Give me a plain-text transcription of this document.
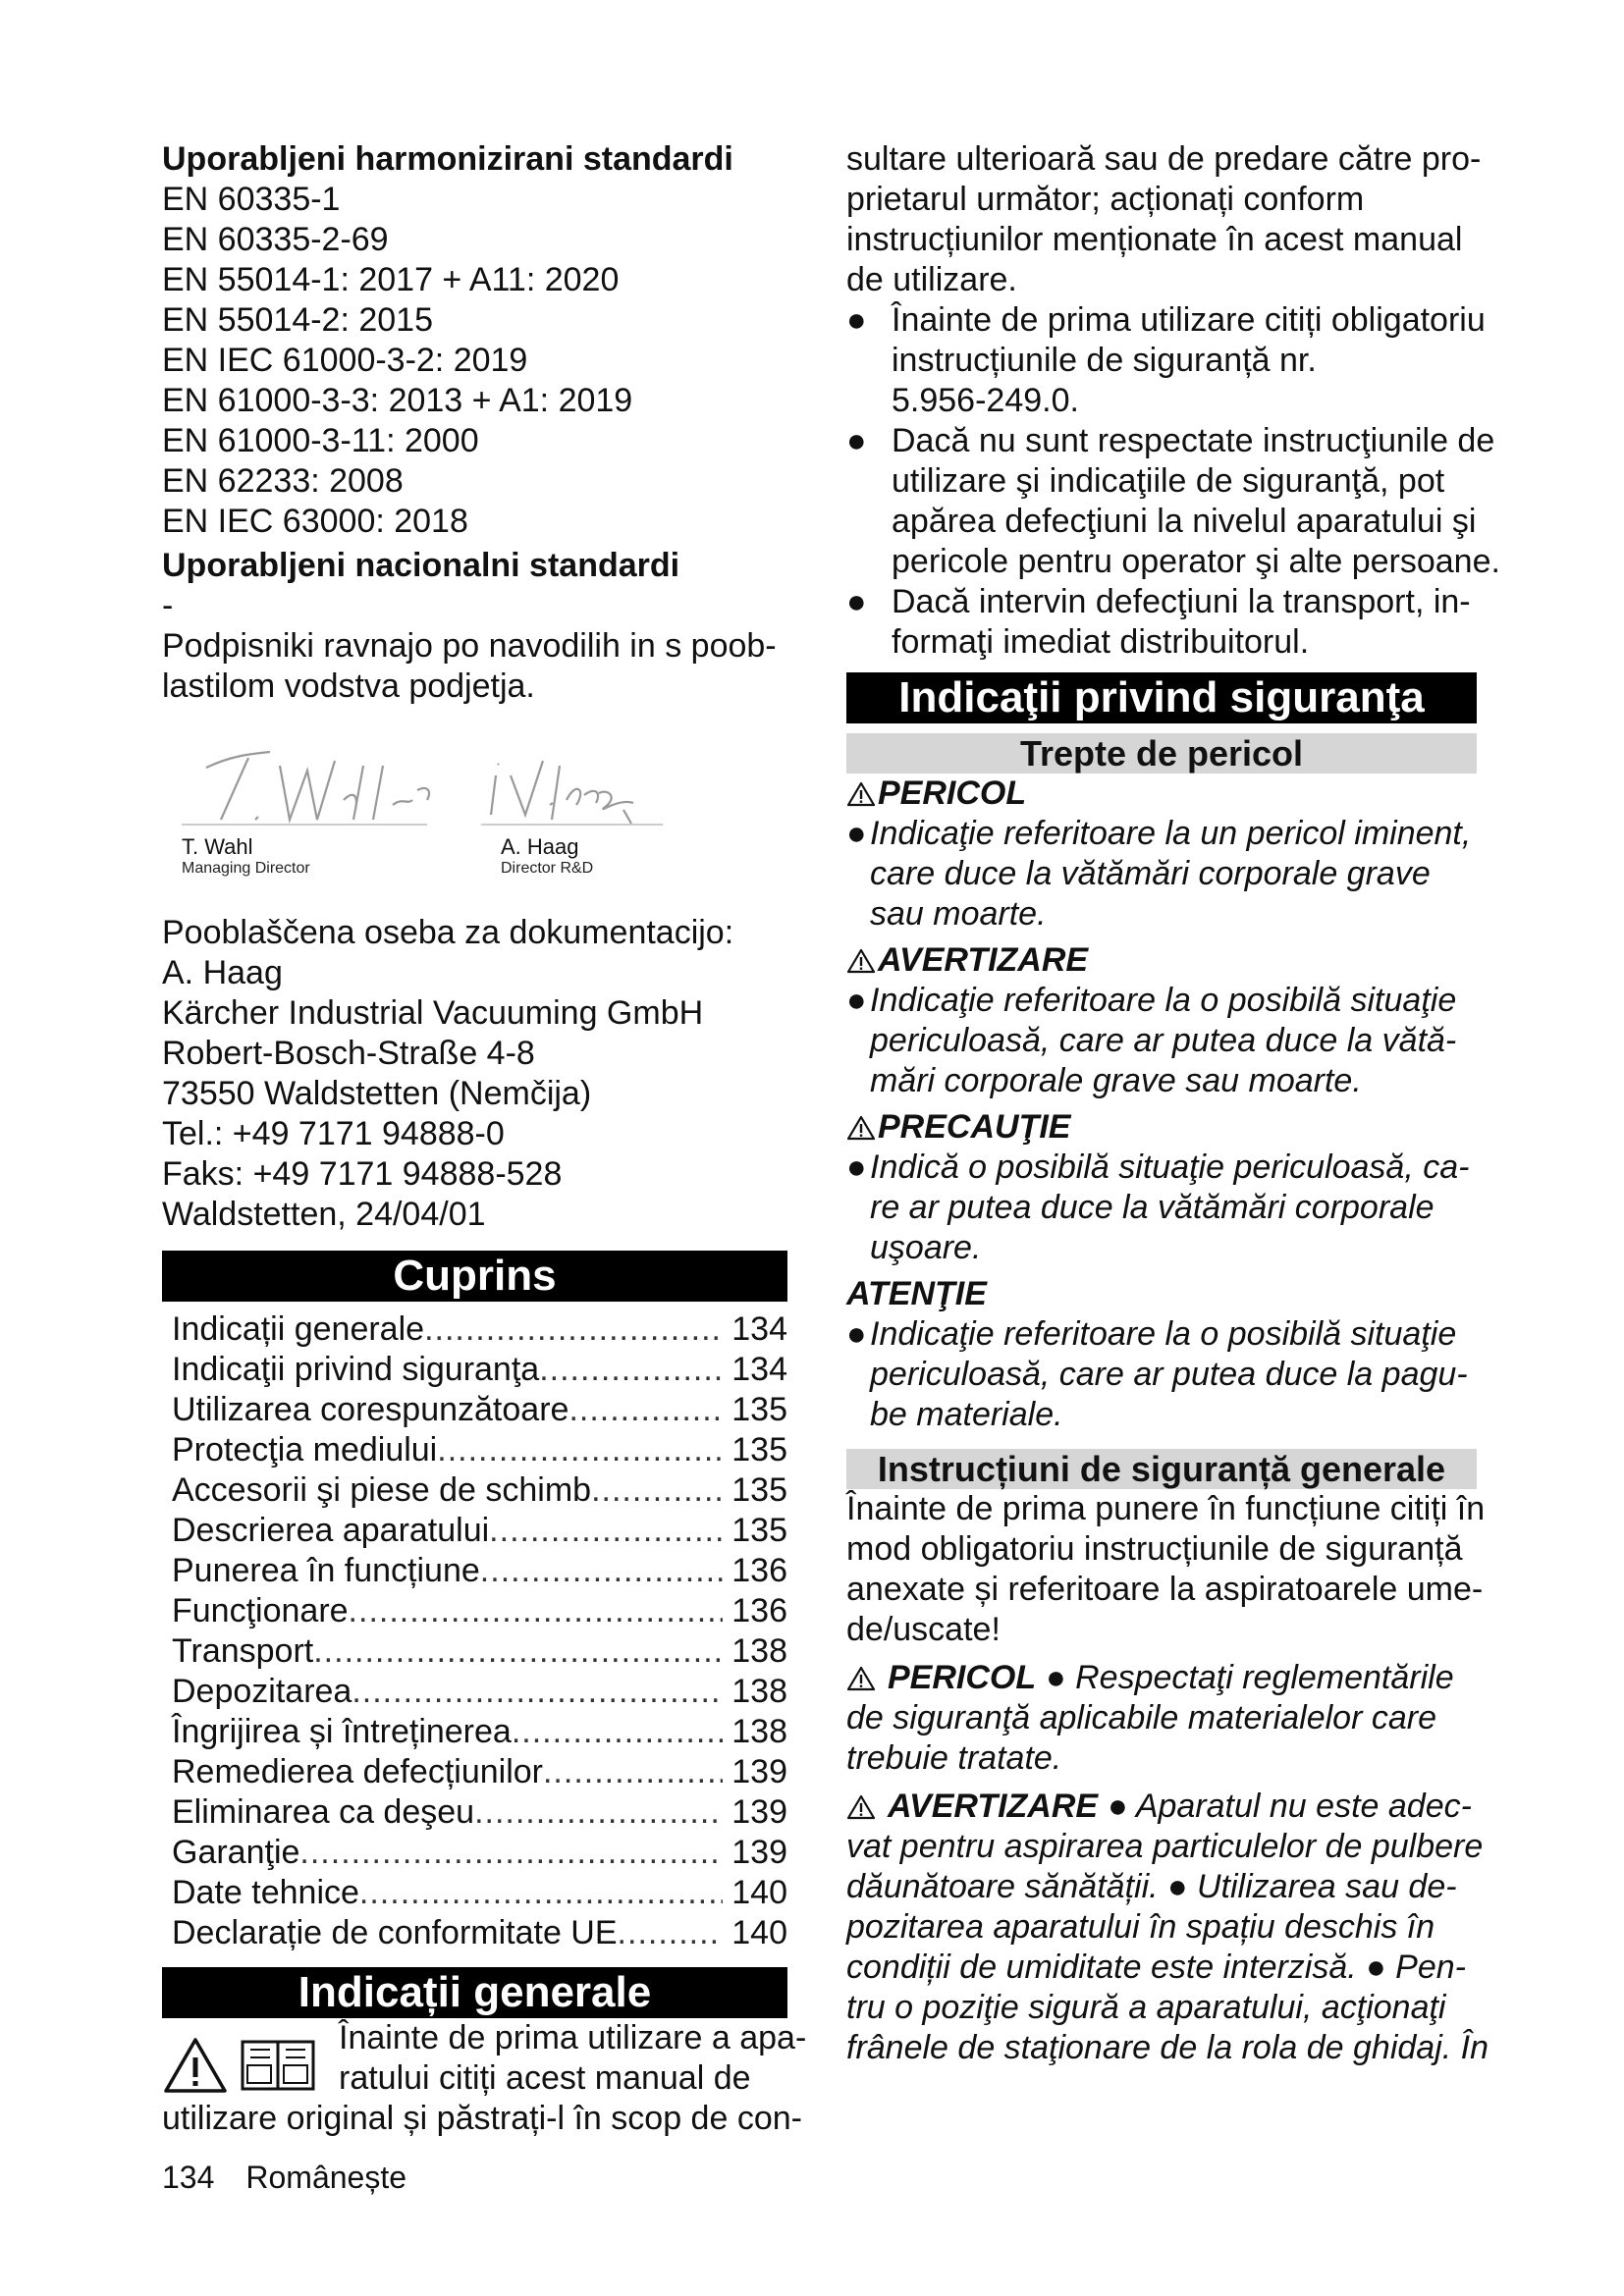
Uporabljeni harmonizirani standardi
EN 60335-1
EN 60335-2-69
EN 55014-1: 2017 + A11: 2020
EN 55014-2: 2015
EN IEC 61000-3-2: 2019
EN 61000-3-3: 2013 + A1: 2019
EN 61000-3-11: 2000
EN 62233: 2008
EN IEC 63000: 2018
Uporabljeni nacionalni standardi
-
Podpisniki ravnajo po navodilih in s poob-
lastilom vodstva podjetja.
T. Wahl
Managing Director
A. Haag
Director R&D
Pooblaščena oseba za dokumentacijo:
A. Haag
Kärcher Industrial Vacuuming GmbH
Robert-Bosch-Straße 4-8
73550 Waldstetten (Nemčija)
Tel.: +49 7171 94888-0
Faks: +49 7171 94888-528
Waldstetten, 24/04/01
Cuprins
Indicații generale .....	134
Indicaţii privind siguranţa .....	134
Utilizarea corespunzătoare .....	135
Protecţia mediului .....	135
Accesorii şi piese de schimb .....	135
Descrierea aparatului .....	135
Punerea în funcțiune .....	136
Funcţionare .....	136
Transport .....	138
Depozitarea .....	138
Îngrijirea și întreținerea .....	138
Remedierea defecțiunilor .....	139
Eliminarea ca deşeu .....	139
Garanţie .....	139
Date tehnice .....	140
Declarație de conformitate UE .....	140
Indicații generale
Înainte de prima utilizare a apa-
ratului citiți acest manual de
utilizare original și păstrați-l în scop de con-
sultare ulterioară sau de predare către pro-
prietarul următor; acționați conform
instrucțiunilor menționate în acest manual
de utilizare.
● Înainte de prima utilizare citiți obligatoriu
instrucțiunile de siguranță nr.
5.956-249.0.
● Dacă nu sunt respectate instrucţiunile de
utilizare şi indicaţiile de siguranţă, pot
apărea defecţiuni la nivelul aparatului şi
pericole pentru operator şi alte persoane.
● Dacă intervin defecţiuni la transport, in-
formaţi imediat distribuitorul.
Indicaţii privind siguranţa
Trepte de pericol
PERICOL
● Indicaţie referitoare la un pericol iminent,
care duce la vătămări corporale grave
sau moarte.
AVERTIZARE
● Indicaţie referitoare la o posibilă situaţie
periculoasă, care ar putea duce la vătă-
mări corporale grave sau moarte.
PRECAUŢIE
● Indică o posibilă situaţie periculoasă, ca-
re ar putea duce la vătămări corporale
uşoare.
ATENŢIE
● Indicaţie referitoare la o posibilă situaţie
periculoasă, care ar putea duce la pagu-
be materiale.
Instrucțiuni de siguranță generale
Înainte de prima punere în funcțiune citiți în
mod obligatoriu instrucțiunile de siguranță
anexate și referitoare la aspiratoarele ume-
de/uscate!
PERICOL ● Respectaţi reglementările
de siguranţă aplicabile materialelor care
trebuie tratate.
AVERTIZARE ● Aparatul nu este adec-
vat pentru aspirarea particulelor de pulbere
dăunătoare sănătății. ● Utilizarea sau de-
pozitarea aparatului în spațiu deschis în
condiții de umiditate este interzisă. ● Pen-
tru o poziţie sigură a aparatului, acţionaţi
frânele de staţionare de la rola de ghidaj. În
134 Românește
